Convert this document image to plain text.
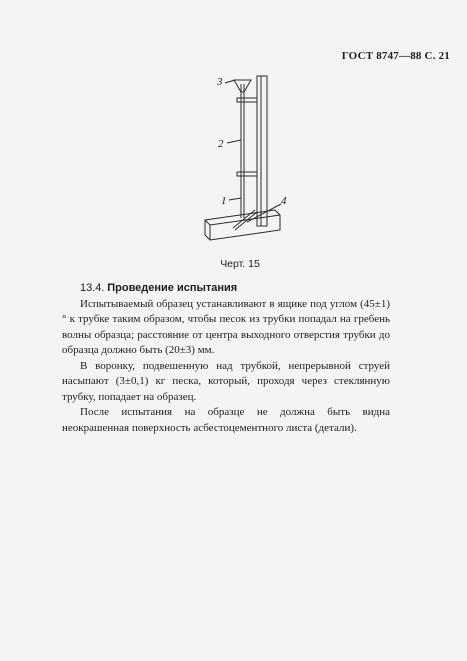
ГОСТ 8747—88 С. 21
3
2
1	4
Черт. 15
13.4. Проведение испытания

Испытываемый образец устанавливают в ящике под углом (45±1) ° к трубке таким образом, чтобы песок из трубки попадал на гребень волны образца; расстояние от центра выходного отверстия трубки до образца должно быть (20±3) мм.

В воронку, подвешенную над трубкой, непрерывной струей насыпают (3±0,1) кг песка, который, проходя через стеклянную трубку, попадает на образец.

После испытания на образце не должна быть видна неокрашенная поверхность асбестоцементного листа (детали).
